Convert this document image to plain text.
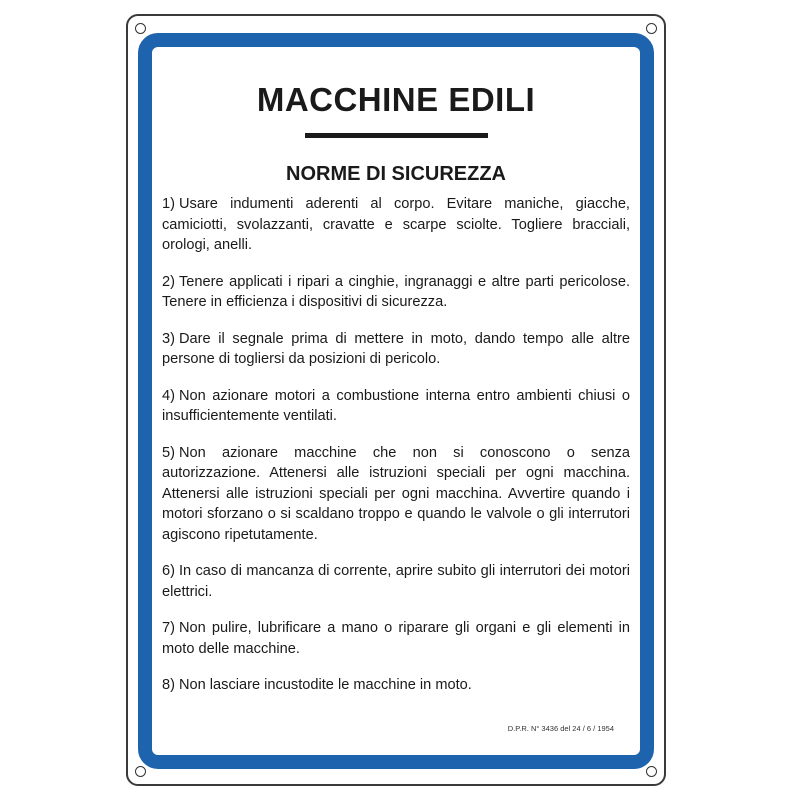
MACCHINE EDILI
NORME DI SICUREZZA
1) Usare indumenti aderenti al corpo. Evitare maniche, giacche, camiciotti, svolazzanti, cravatte e scarpe sciolte. Togliere bracciali, orologi, anelli.
2) Tenere applicati i ripari a cinghie, ingranaggi e altre parti pericolose. Tenere in efficienza i dispositivi di sicurezza.
3) Dare il segnale prima di mettere in moto, dando tempo alle altre persone di togliersi da posizioni di pericolo.
4) Non azionare motori a combustione interna entro ambienti chiusi o insufficientemente ventilati.
5) Non azionare macchine che non si conoscono o senza autorizzazione. Attenersi alle istruzioni speciali per ogni macchina. Attenersi alle istruzioni speciali per ogni macchina. Avvertire quando i motori sforzano o si scaldano troppo e quando le valvole o gli interrutori agiscono ripetutamente.
6) In caso di mancanza di corrente, aprire subito gli interrutori dei motori elettrici.
7) Non pulire, lubrificare a mano o riparare gli organi e gli elementi in moto delle macchine.
8) Non lasciare incustodite le macchine in moto.
D.P.R. N° 3436 del 24 / 6 / 1954
